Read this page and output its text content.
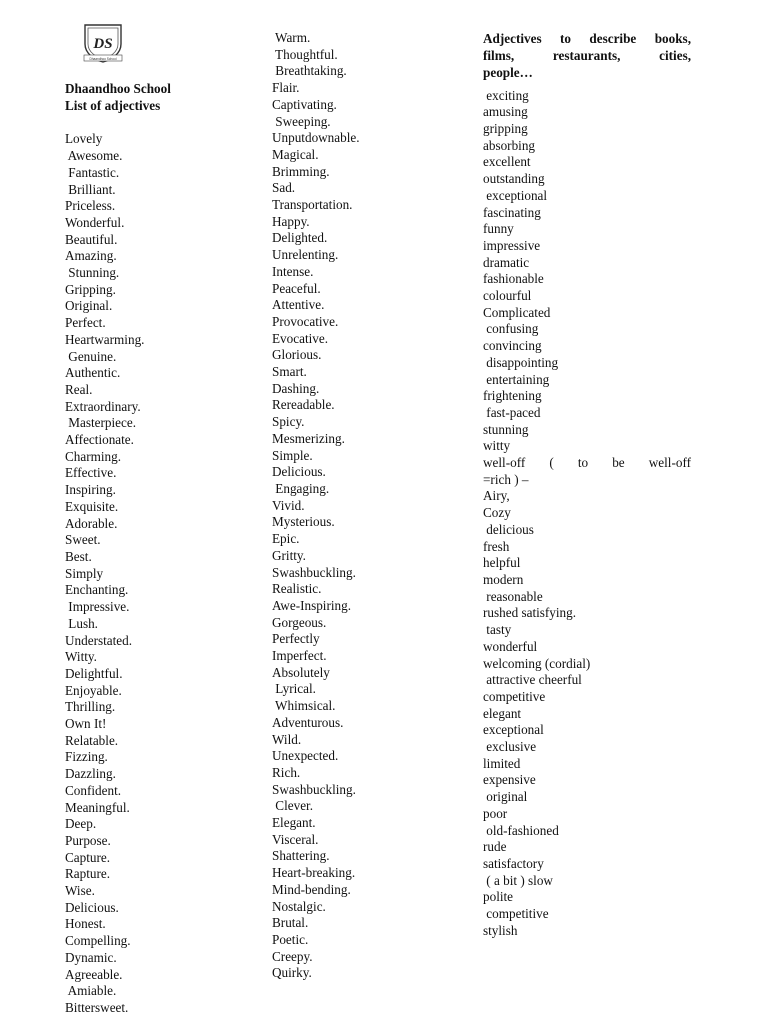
DS
Dhaandhoo School
Dhaandhoo School
List of adjectives
Lovely
Awesome.
Fantastic.
Brilliant.
Priceless.
Wonderful.
Beautiful.
Amazing.
Stunning.
Gripping.
Original.
Perfect.
Heartwarming.
Genuine.
Authentic.
Real.
Extraordinary.
Masterpiece.
Affectionate.
Charming.
Effective.
Inspiring.
Exquisite.
Adorable.
Sweet.
Best.
Simply
Enchanting.
Impressive.
Lush.
Understated.
Witty.
Delightful.
Enjoyable.
Thrilling.
Own It!
Relatable.
Fizzing.
Dazzling.
Confident.
Meaningful.
Deep.
Purpose.
Capture.
Rapture.
Wise.
Delicious.
Honest.
Compelling.
Dynamic.
Agreeable.
Amiable.
Bittersweet.
Warm.
Thoughtful.
Breathtaking.
Flair.
Captivating.
Sweeping.
Unputdownable.
Magical.
Brimming.
Sad.
Transportation.
Happy.
Delighted.
Unrelenting.
Intense.
Peaceful.
Attentive.
Provocative.
Evocative.
Glorious.
Smart.
Dashing.
Rereadable.
Spicy.
Mesmerizing.
Simple.
Delicious.
Engaging.
Vivid.
Mysterious.
Epic.
Gritty.
Swashbuckling.
Realistic.
Awe-Inspiring.
Gorgeous.
Perfectly
Imperfect.
Absolutely
Lyrical.
Whimsical.
Adventurous.
Wild.
Unexpected.
Rich.
Swashbuckling.
Clever.
Elegant.
Visceral.
Shattering.
Heart-breaking.
Mind-bending.
Nostalgic.
Brutal.
Poetic.
Creepy.
Quirky.
Adjectives to describe books,
films, restaurants, cities,
people…
exciting
amusing
gripping
absorbing
excellent
outstanding
exceptional
fascinating
funny
impressive
dramatic
fashionable
colourful
Complicated
confusing
convincing
disappointing
entertaining
frightening
fast-paced
stunning
witty
well-off ( to be well-off
=rich ) –
Airy,
Cozy
delicious
fresh
helpful
modern
reasonable
rushed satisfying.
tasty
wonderful
welcoming (cordial)
attractive cheerful
competitive
elegant
exceptional
exclusive
limited
expensive
original
poor
old-fashioned
rude
satisfactory
( a bit ) slow
polite
competitive
stylish
